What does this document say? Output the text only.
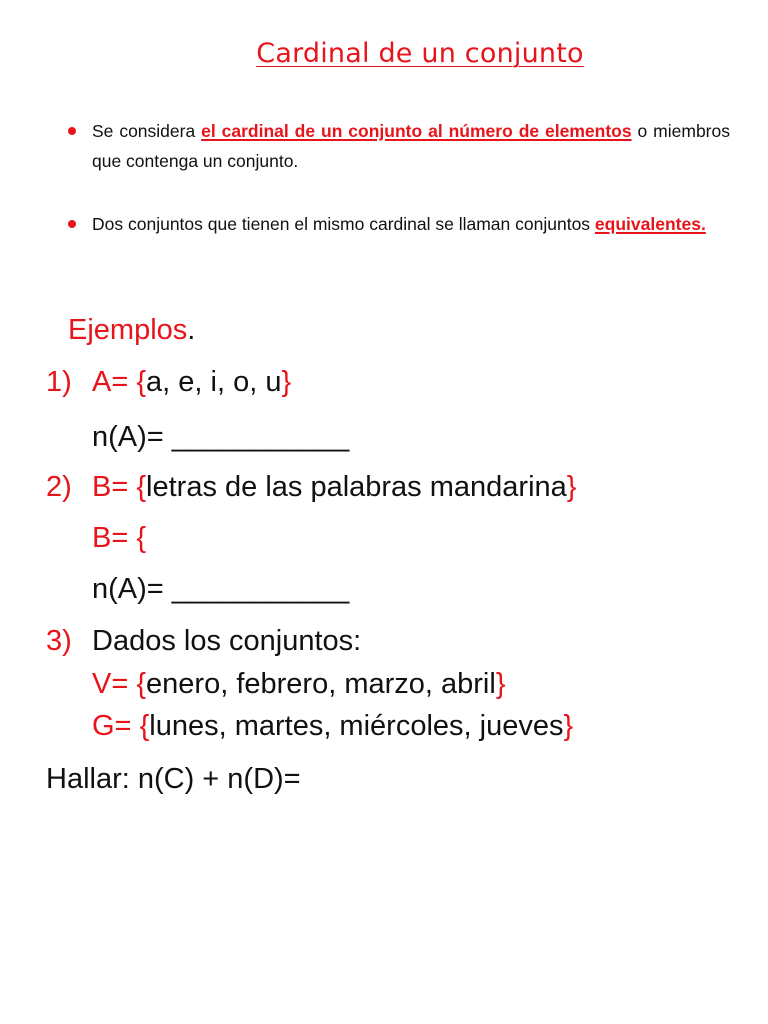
Cardinal de un conjunto
Se considera el cardinal de un conjunto al número de elementos o miembros que contenga un conjunto.
Dos conjuntos que tienen el mismo cardinal se llaman conjuntos equivalentes.
Ejemplos.
1) A= {a, e, i, o, u}
n(A)= ___________
2) B= {letras de las palabras mandarina}
B= {
n(A)= ___________
3) Dados los conjuntos:
V= {enero, febrero, marzo, abril}
G= {lunes, martes, miércoles, jueves}
Hallar: n(C) + n(D)=
